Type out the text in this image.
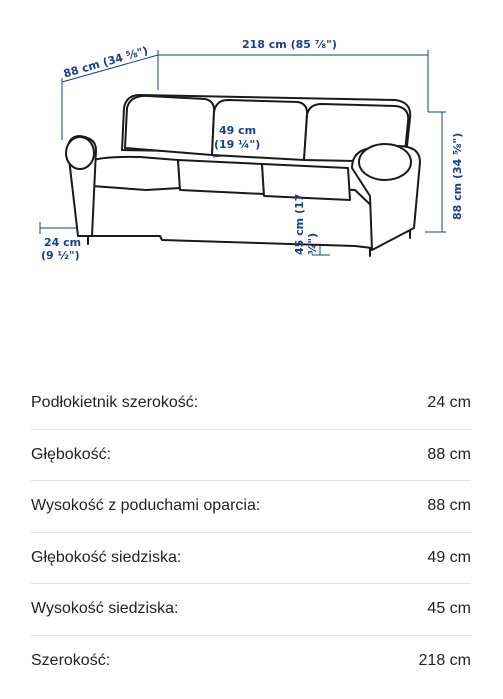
88 cm (34 ⅝")	218 cm (85 ⅞")
49 cm
(19 ¼")	88 cm (34 ⅝")
45 cm (17 ¾")
24 cm
(9 ½")
Podłokietnik szerokość:	24 cm
Głębokość:	88 cm
Wysokość z poduchami oparcia:	88 cm
Głębokość siedziska:	49 cm
Wysokość siedziska:	45 cm
Szerokość:	218 cm
